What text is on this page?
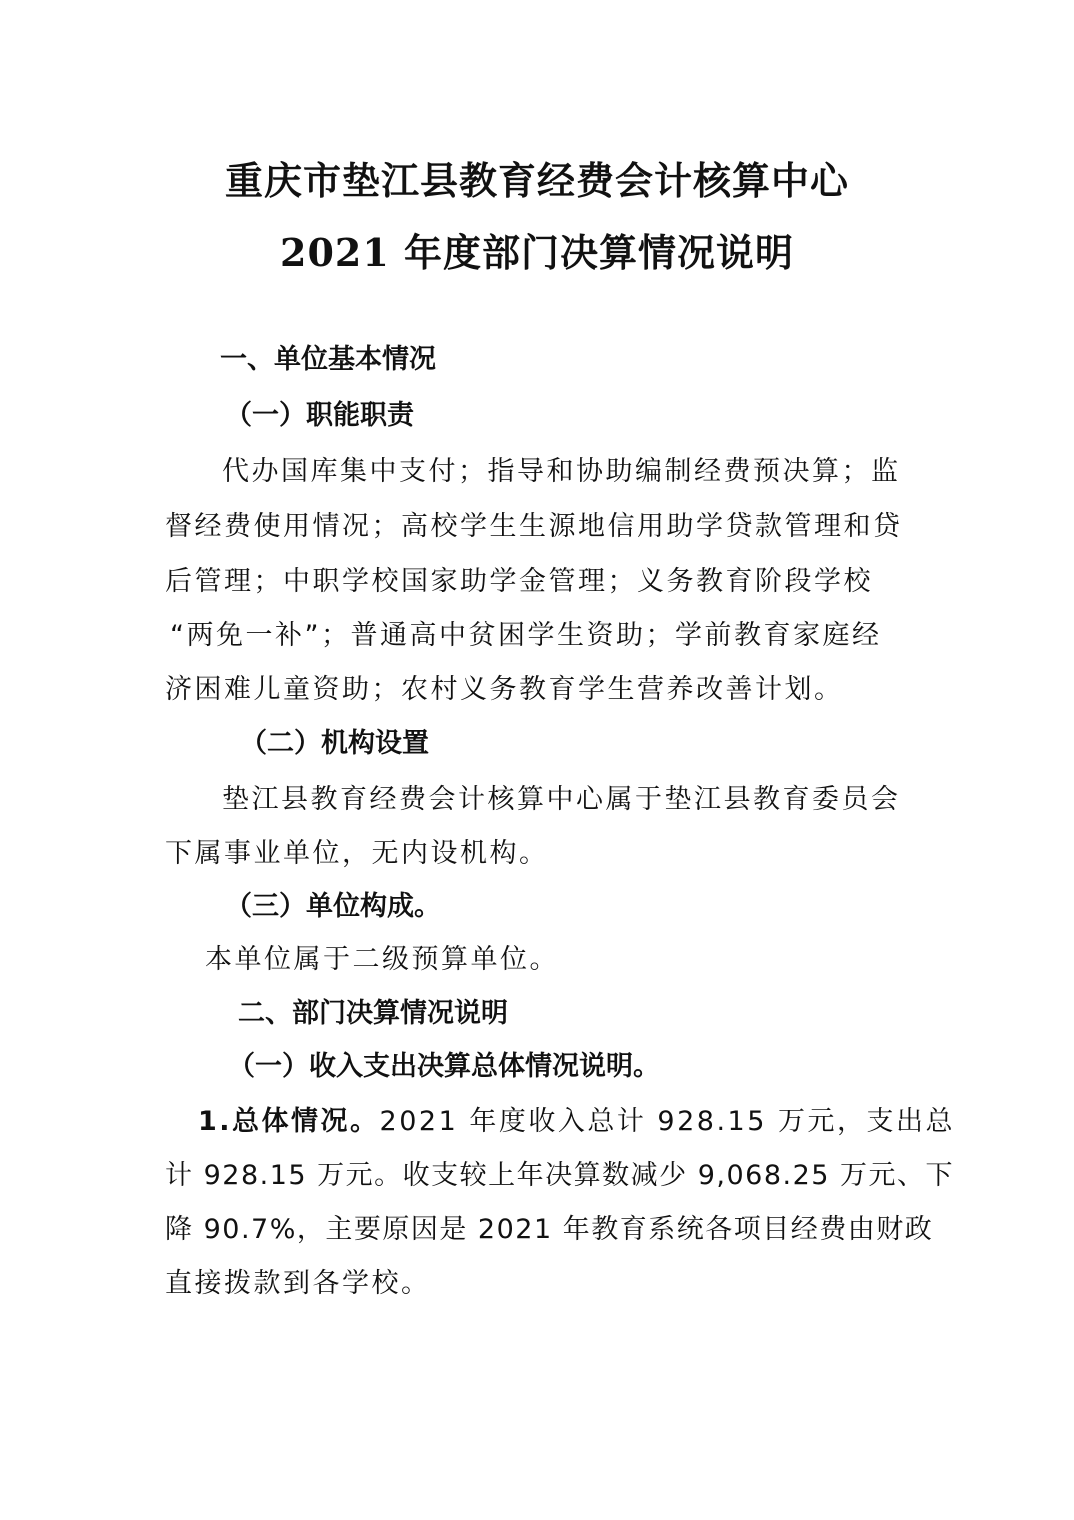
重庆市垫江县教育经费会计核算中心
2021 年度部门决算情况说明
一、单位基本情况
（一）职能职责
代办国库集中支付；指导和协助编制经费预决算；监
督经费使用情况；高校学生生源地信用助学贷款管理和贷
后管理；中职学校国家助学金管理；义务教育阶段学校
“两免一补”；普通高中贫困学生资助；学前教育家庭经
济困难儿童资助；农村义务教育学生营养改善计划。
（二）机构设置
垫江县教育经费会计核算中心属于垫江县教育委员会
下属事业单位，无内设机构。
（三）单位构成。
本单位属于二级预算单位。
二、部门决算情况说明
（一）收入支出决算总体情况说明。
1.总体情况。2021 年度收入总计 928.15 万元，支出总
计 928.15 万元。收支较上年决算数减少 9,068.25 万元、下
降 90.7%，主要原因是 2021 年教育系统各项目经费由财政
直接拨款到各学校。
